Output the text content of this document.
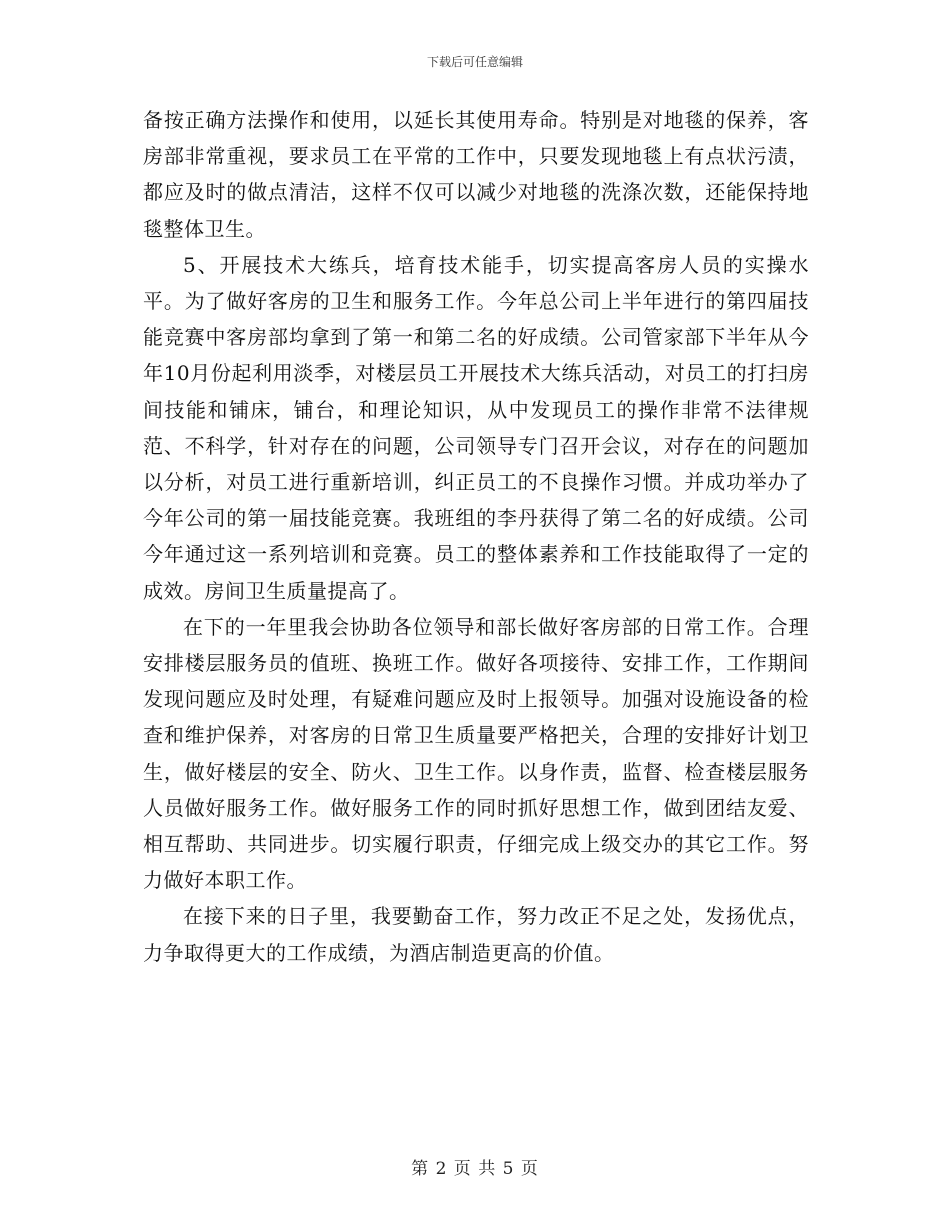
下载后可任意编辑

备按正确方法操作和使用，以延长其使用寿命。特别是对地毯的保养，客房部非常重视，要求员工在平常的工作中，只要发现地毯上有点状污渍，都应及时的做点清洁，这样不仅可以减少对地毯的洗涤次数，还能保持地毯整体卫生。

5、开展技术大练兵，培育技术能手，切实提高客房人员的实操水平。为了做好客房的卫生和服务工作。今年总公司上半年进行的第四届技能竞赛中客房部均拿到了第一和第二名的好成绩。公司管家部下半年从今年10月份起利用淡季，对楼层员工开展技术大练兵活动，对员工的打扫房间技能和铺床，铺台，和理论知识，从中发现员工的操作非常不法律规范、不科学，针对存在的问题，公司领导专门召开会议，对存在的问题加以分析，对员工进行重新培训，纠正员工的不良操作习惯。并成功举办了今年公司的第一届技能竞赛。我班组的李丹获得了第二名的好成绩。公司今年通过这一系列培训和竞赛。员工的整体素养和工作技能取得了一定的成效。房间卫生质量提高了。

在下的一年里我会协助各位领导和部长做好客房部的日常工作。合理安排楼层服务员的值班、换班工作。做好各项接待、安排工作，工作期间发现问题应及时处理，有疑难问题应及时上报领导。加强对设施设备的检查和维护保养，对客房的日常卫生质量要严格把关，合理的安排好计划卫生，做好楼层的安全、防火、卫生工作。以身作责，监督、检查楼层服务人员做好服务工作。做好服务工作的同时抓好思想工作，做到团结友爱、相互帮助、共同进步。切实履行职责，仔细完成上级交办的其它工作。努力做好本职工作。

在接下来的日子里，我要勤奋工作，努力改正不足之处，发扬优点，力争取得更大的工作成绩，为酒店制造更高的价值。

第 2 页 共 5 页
